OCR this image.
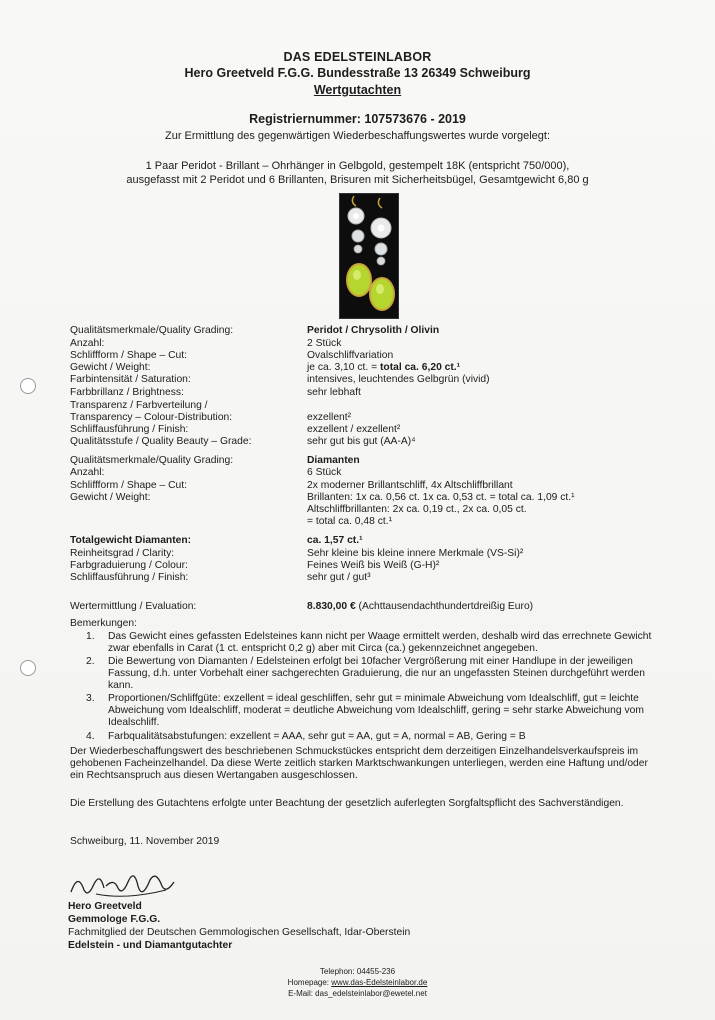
DAS EDELSTEINLABOR
Hero Greetveld F.G.G. Bundesstraße 13 26349 Schweiburg
Wertgutachten
Registriernummer: 107573676 - 2019
Zur Ermittlung des gegenwärtigen Wiederbeschaffungswertes wurde vorgelegt:
1 Paar Peridot - Brillant – Ohrhänger in Gelbgold, gestempelt 18K (entspricht 750/000),
ausgefasst mit 2 Peridot und 6 Brillanten, Brisuren mit Sicherheitsbügel, Gesamtgewicht 6,80 g
Qualitätsmerkmale/Quality Grading:
Anzahl:
Schliffform / Shape – Cut:
Gewicht / Weight:
Farbintensität / Saturation:
Farbbrillanz / Brightness:
Transparenz / Farbverteilung /
Transparency – Colour-Distribution:
Schliffausführung / Finish:
Qualitätsstufe / Quality Beauty – Grade:
Peridot / Chrysolith / Olivin
2 Stück
Ovalschliffvariation
je ca. 3,10 ct. = total ca. 6,20 ct.¹
intensives, leuchtendes Gelbgrün (vivid)
sehr lebhaft
exzellent²
exzellent / exzellent²
sehr gut bis gut (AA-A)⁴
Qualitätsmerkmale/Quality Grading:
Anzahl:
Schliffform / Shape – Cut:
Gewicht / Weight:
Diamanten
6 Stück
2x moderner Brillantschliff, 4x Altschliffbrillant
Brillanten: 1x ca. 0,56 ct. 1x ca. 0,53 ct. = total ca. 1,09 ct.¹
Altschliffbrillanten: 2x ca. 0,19 ct., 2x ca. 0,05 ct.
= total ca. 0,48 ct.¹
Totalgewicht Diamanten:	ca. 1,57 ct.¹
Reinheitsgrad / Clarity:
Farbgraduierung / Colour:
Schliffausführung / Finish:
Sehr kleine bis kleine innere Merkmale (VS-Si)²
Feines Weiß bis Weiß (G-H)²
sehr gut / gut³
Wertermittlung / Evaluation:	8.830,00 € (Achttausendachthundertdreißig Euro)
Bemerkungen:
1. Das Gewicht eines gefassten Edelsteines kann nicht per Waage ermittelt werden, deshalb wird das errechnete Gewicht zwar ebenfalls in Carat (1 ct. entspricht 0,2 g) aber mit Circa (ca.) gekennzeichnet angegeben.
2. Die Bewertung von Diamanten / Edelsteinen erfolgt bei 10facher Vergrößerung mit einer Handlupe in der jeweiligen Fassung, d.h. unter Vorbehalt einer sachgerechten Graduierung, die nur an ungefassten Steinen durchgeführt werden kann.
3. Proportionen/Schliffgüte: exzellent = ideal geschliffen, sehr gut = minimale Abweichung vom Idealschliff, gut = leichte Abweichung vom Idealschliff, moderat = deutliche Abweichung vom Idealschliff, gering = sehr starke Abweichung vom Idealschliff.
4. Farbqualitätsabstufungen: exzellent = AAA, sehr gut = AA, gut = A, normal = AB, Gering = B
Der Wiederbeschaffungswert des beschriebenen Schmuckstückes entspricht dem derzeitigen Einzelhandelsverkaufspreis im gehobenen Facheinzelhandel. Da diese Werte zeitlich starken Marktschwankungen unterliegen, werden eine Haftung und/oder ein Rechtsanspruch aus diesen Wertangaben ausgeschlossen.
Die Erstellung des Gutachtens erfolgte unter Beachtung der gesetzlich auferlegten Sorgfaltspflicht des Sachverständigen.
Schweiburg, 11. November 2019
Hero Greetveld
Gemmologe F.G.G.
Fachmitglied der Deutschen Gemmologischen Gesellschaft, Idar-Oberstein
Edelstein - und Diamantgutachter
Telephon: 04455-236
Homepage: www.das-Edelsteinlabor.de
E-Mail: das_edelsteinlabor@ewetel.net
